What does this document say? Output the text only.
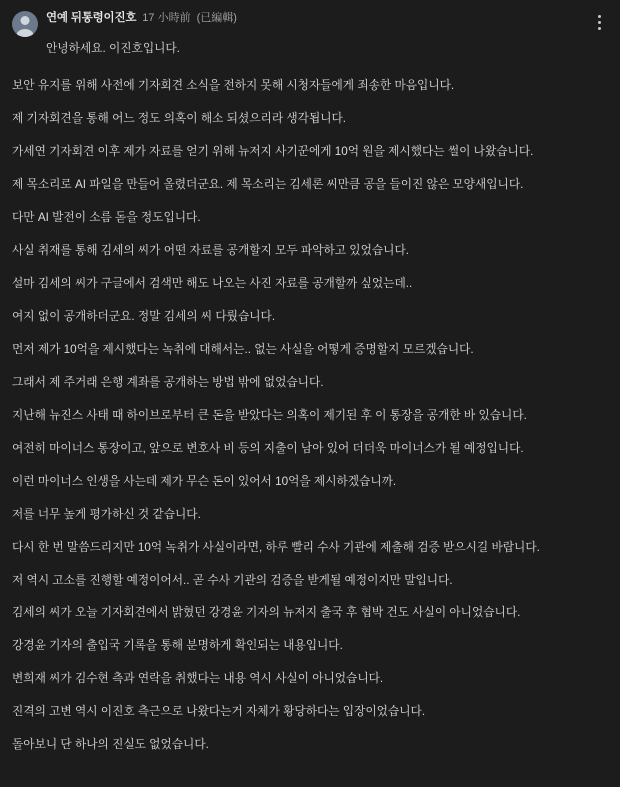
연예 뒤통령이진호 17 小時前 (已編輯)

안녕하세요. 이진호입니다.

보안 유지를 위해 사전에 기자회견 소식을 전하지 못해 시청자들에게 죄송한 마음입니다.

제 기자회견을 통해 어느 정도 의혹이 해소 되셨으리라 생각됩니다.

가세연 기자회견 이후 제가 자료를 얻기 위해 뉴저지 사기꾼에게 10억 원을 제시했다는 썰이 나왔습니다.

제 목소리로 AI 파일을 만들어 올렸더군요. 제 목소리는 김세론 씨만큼 공을 들이진 않은 모양새입니다.

다만 AI 발전이 소름 돋을 정도입니다.

사실 취재를 통해 김세의 씨가 어떤 자료를 공개할지 모두 파악하고 있었습니다.

설마 김세의 씨가 구글에서 검색만 해도 나오는 사진 자료를 공개할까 싶었는데..

여지 없이 공개하더군요. 정말 김세의 씨 다뤘습니다.

먼저 제가 10억을 제시했다는 녹취에 대해서는.. 없는 사실을 어떻게 증명할지 모르겠습니다.

그래서 제 주거래 은행 계좌를 공개하는 방법 밖에 없었습니다.

지난해 뉴진스 사태 때 하이브로부터 큰 돈을 받았다는 의혹이 제기된 후 이 통장을 공개한 바 있습니다.

여전히 마이너스 통장이고, 앞으로 변호사 비 등의 지출이 남아 있어 더더욱 마이너스가 될 예정입니다.

이런 마이너스 인생을 사는데 제가 무슨 돈이 있어서 10억을 제시하겠습니까.

저를 너무 높게 평가하신 것 같습니다.

다시 한 번 말씀드리지만 10억 녹취가 사실이라면, 하루 빨리 수사 기관에 제출해 검증 받으시길 바랍니다.

저 역시 고소를 진행할 예정이어서.. 곧 수사 기관의 검증을 받게될 예정이지만 말입니다.

김세의 씨가 오늘 기자회견에서 밝혔던 강경윤 기자의 뉴저지 출국 후 협박 건도 사실이 아니었습니다.

강경윤 기자의 출입국 기록을 통해 분명하게 확인되는 내용입니다.

변희재 씨가 김수현 측과 연락을 취했다는 내용 역시 사실이 아니었습니다.

진격의 고변 역시 이진호 측근으로 나왔다는거 자체가 황당하다는 입장이었습니다.

돌아보니 단 하나의 진실도 없었습니다.
